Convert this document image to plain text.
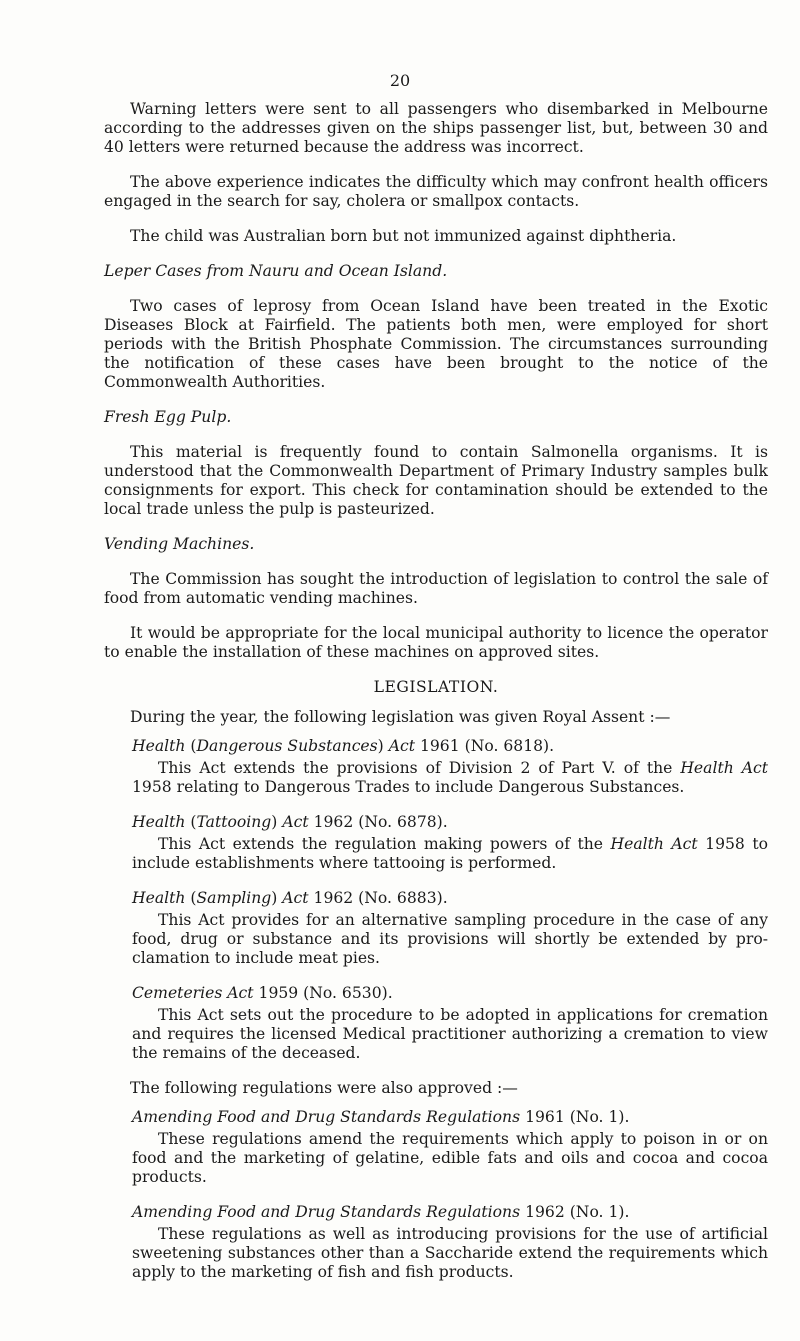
20

Warning letters were sent to all passengers who disembarked in Melbourne according to the addresses given on the ships passenger list, but, between 30 and 40 letters were returned because the address was incorrect.

The above experience indicates the difficulty which may confront health officers engaged in the search for say, cholera or smallpox contacts.

The child was Australian born but not immunized against diphtheria.

Leper Cases from Nauru and Ocean Island.

Two cases of leprosy from Ocean Island have been treated in the Exotic Diseases Block at Fairfield. The patients both men, were employed for short periods with the British Phosphate Commission. The circumstances surrounding the notification of these cases have been brought to the notice of the Commonwealth Authorities.

Fresh Egg Pulp.

This material is frequently found to contain Salmonella organisms. It is understood that the Commonwealth Department of Primary Industry samples bulk consignments for export. This check for contamination should be extended to the local trade unless the pulp is pasteurized.

Vending Machines.

The Commission has sought the introduction of legislation to control the sale of food from automatic vending machines.

It would be appropriate for the local municipal authority to licence the operator to enable the installation of these machines on approved sites.

LEGISLATION.

During the year, the following legislation was given Royal Assent :—

Health (Dangerous Substances) Act 1961 (No. 6818).

This Act extends the provisions of Division 2 of Part V. of the Health Act 1958 relating to Dangerous Trades to include Dangerous Substances.

Health (Tattooing) Act 1962 (No. 6878).

This Act extends the regulation making powers of the Health Act 1958 to include establishments where tattooing is performed.

Health (Sampling) Act 1962 (No. 6883).

This Act provides for an alternative sampling procedure in the case of any food, drug or substance and its provisions will shortly be extended by pro- clamation to include meat pies.

Cemeteries Act 1959 (No. 6530).

This Act sets out the procedure to be adopted in applications for cremation and requires the licensed Medical practitioner authorizing a cremation to view the remains of the deceased.

The following regulations were also approved :—

Amending Food and Drug Standards Regulations 1961 (No. 1).

These regulations amend the requirements which apply to poison in or on food and the marketing of gelatine, edible fats and oils and cocoa and cocoa products.

Amending Food and Drug Standards Regulations 1962 (No. 1).

These regulations as well as introducing provisions for the use of artificial sweetening substances other than a Saccharide extend the requirements which apply to the marketing of fish and fish products.
